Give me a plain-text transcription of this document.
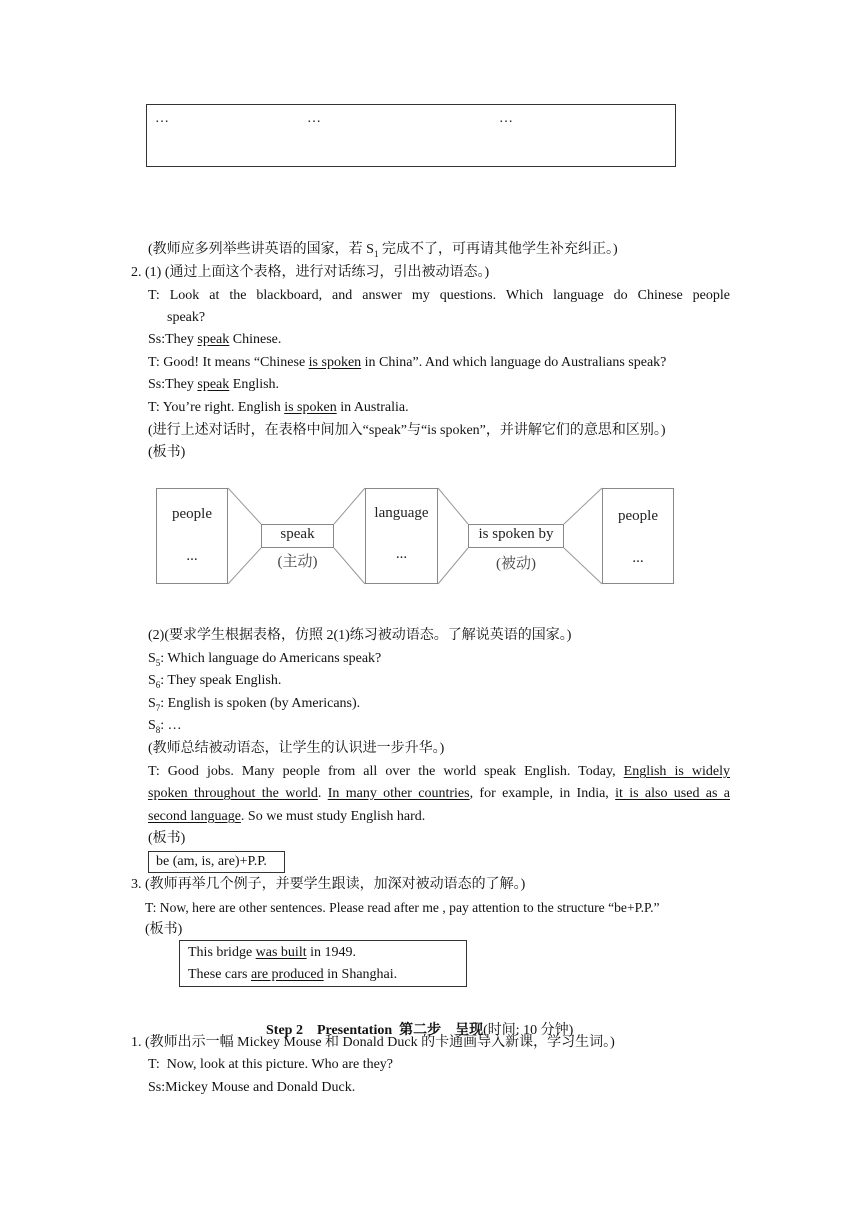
…	…	…
(教师应多列举些讲英语的国家，若 $S_1$ 完成不了，可再请其他学生补充纠正。)
2. (1) (通过上面这个表格，进行对话练习，引出被动语态。)
T: Look at the blackboard, and answer my questions. Which language do Chinese people
speak?
Ss:They speak Chinese.
T: Good! It means “Chinese is spoken in China”. And which language do Australians speak?
Ss:They speak English.
T: You’re right. English is spoken in Australia.
(进行上述对话时，在表格中间加入“speak”与“is spoken”，并讲解它们的意思和区别。)
(板书)
people
...
speak
(主动)
language
...
is spoken by
(被动)
people
...
(2)(要求学生根据表格，仿照 2(1)练习被动语态。了解说英语的国家。)
$S_5$: Which language do Americans speak?
$S_6$: They speak English.
$S_7$: English is spoken (by Americans).
$S_8$: …
(教师总结被动语态，让学生的认识进一步升华。)
T: Good jobs. Many people from all over the world speak English. Today, English is widely
spoken throughout the world. In many other countries, for example, in India, it is also used as a
second language. So we must study English hard.
(板书)
be (am, is, are)+P.P.
3. (教师再举几个例子，并要学生跟读，加深对被动语态的了解。)
T: Now, here are other sentences. Please read after me , pay attention to the structure “be+P.P.”
(板书)
This bridge was built in 1949.
These cars are produced in Shanghai.

Step 2    Presentation  第二步    呈现(时间: 10 分钟)

1. (教师出示一幅 Mickey Mouse 和 Donald Duck 的卡通画导入新课，学习生词。)
T:  Now, look at this picture. Who are they?
Ss:Mickey Mouse and Donald Duck.
